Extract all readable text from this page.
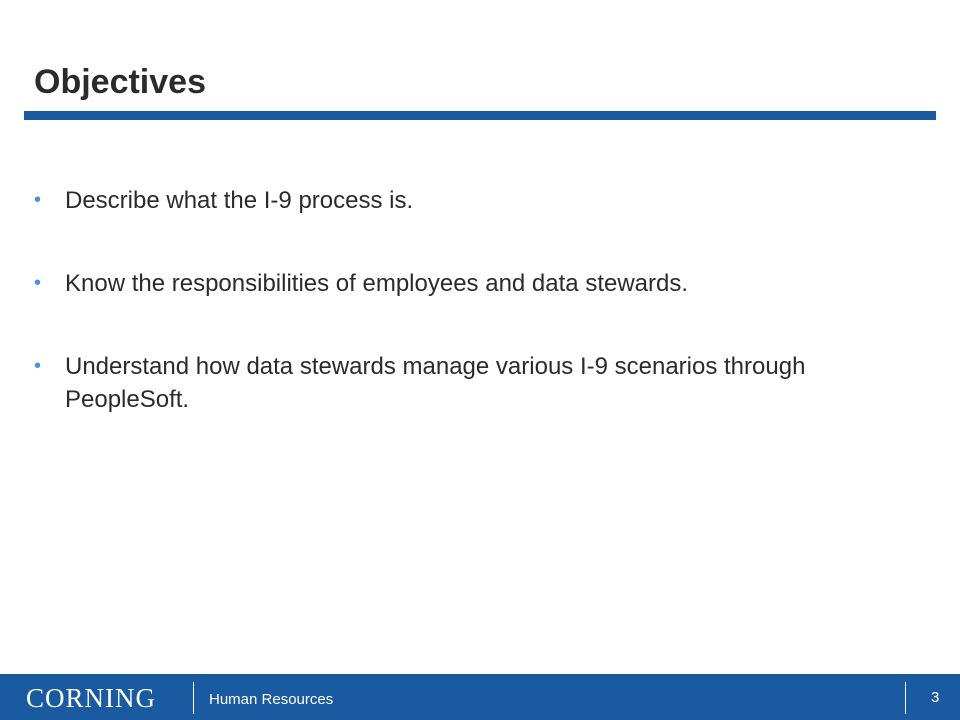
Objectives
• Describe what the I-9 process is.
• Know the responsibilities of employees and data stewards.
• Understand how data stewards manage various I-9 scenarios through PeopleSoft.
CORNING	Human Resources	3
